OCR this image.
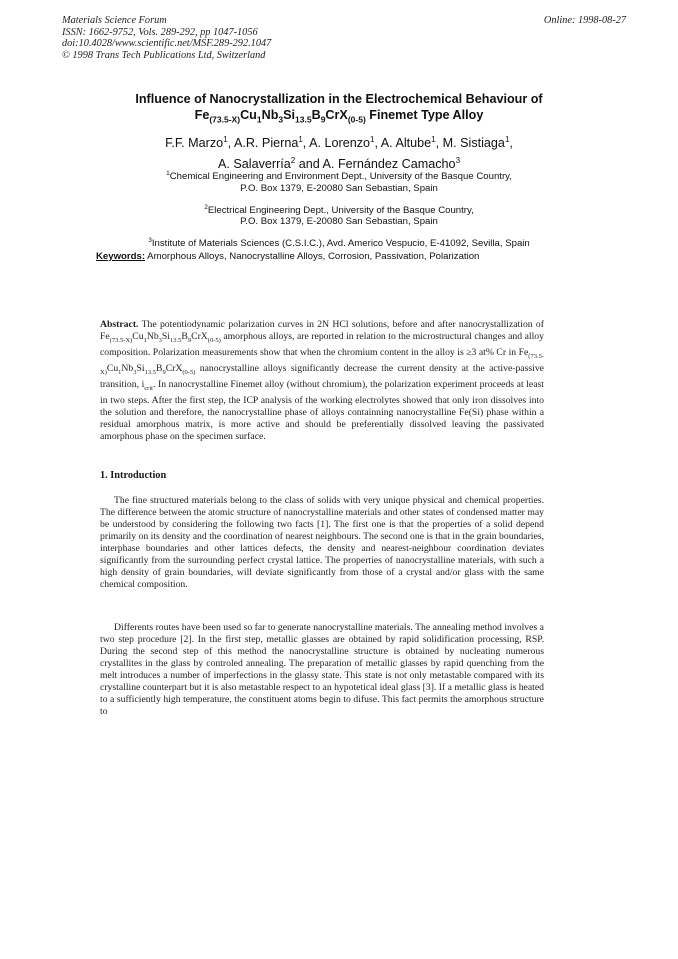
Materials Science Forum
ISSN: 1662-9752, Vols. 289-292, pp 1047-1056
doi:10.4028/www.scientific.net/MSF.289-292.1047
© 1998 Trans Tech Publications Ltd, Switzerland
Online: 1998-08-27

Influence of Nanocrystallization in the Electrochemical Behaviour of
$Fe_{(73.5-X)}Cu_1Nb_3Si_{13.5}B_9CrX_{(0-5)}$ Finemet Type Alloy

F.F. Marzo$^1$, A.R. Pierna$^1$, A. Lorenzo$^1$, A. Altube$^1$, M. Sistiaga$^1$,
A. Salaverría$^2$ and A. Fernández Camacho$^3$
$^1$Chemical Engineering and Environment Dept., University of the Basque Country,
P.O. Box 1379, E-20080 San Sebastian, Spain
$^2$Electrical Engineering Dept., University of the Basque Country,
P.O. Box 1379, E-20080 San Sebastian, Spain
$^3$Institute of Materials Sciences (C.S.I.C.), Avd. Americo Vespucio, E-41092, Sevilla, Spain
Keywords: Amorphous Alloys, Nanocrystalline Alloys, Corrosion, Passivation, Polarization
Abstract. The potentiodynamic polarization curves in 2N HCl solutions, before and after nanocrystallization of $Fe_{(73.5-X)}Cu_1Nb_3Si_{13.5}B_9CrX_{(0-5)}$ amorphous alloys, are reported in relation to the microstructural changes and alloy composition. Polarization measurements show that when the chromium content in the alloy is ≥3 at% Cr in $Fe_{(73.5-X)}Cu_1Nb_3Si_{13.5}B_9CrX_{(0-5)}$ nanocrystalline alloys significantly decrease the current density at the active-passive transition, $i_{crit}$. In nanocrystalline Finemet alloy (without chromium), the polarization experiment proceeds at least in two steps. After the first step, the ICP analysis of the working electrolytes showed that only iron dissolves into the solution and therefore, the nanocrystalline phase of alloys containning nanocrystalline Fe(Si) phase within a residual amorphous matrix, is more active and should be preferentially dissolved leaving the passivated amorphous phase on the specimen surface.
1. Introduction
The fine structured materials belong to the class of solids with very unique physical and chemical properties. The difference between the atomic structure of nanocrystalline materials and other states of condensed matter may be understood by considering the following two facts [1]. The first one is that the properties of a solid depend primarily on its density and the coordination of nearest neighbours. The second one is that in the grain boundaries, interphase boundaries and other lattices defects, the density and nearest-neighbour coordination deviates significantly from the surrounding perfect crystal lattice. The properties of nanocrystalline materials, with such a high density of grain boundaries, will deviate significantly from those of a crystal and/or glass with the same chemical composition.
Differents routes have been used so far to generate nanocrystalline materials. The annealing method involves a two step procedure [2]. In the first step, metallic glasses are obtained by rapid solidification processing, RSP. During the second step of this method the nanocrystalline structure is obtained by nucleating numerous crystallites in the glass by controled annealing. The preparation of metallic glasses by rapid quenching from the melt introduces a number of imperfections in the glassy state. This state is not only metastable compared with its crystalline counterpart but it is also metastable respect to an hypotetical ideal glass [3]. If a metallic glass is heated to a sufficiently high temperature, the constituent atoms begin to difuse. This fact permits the amorphous structure to
